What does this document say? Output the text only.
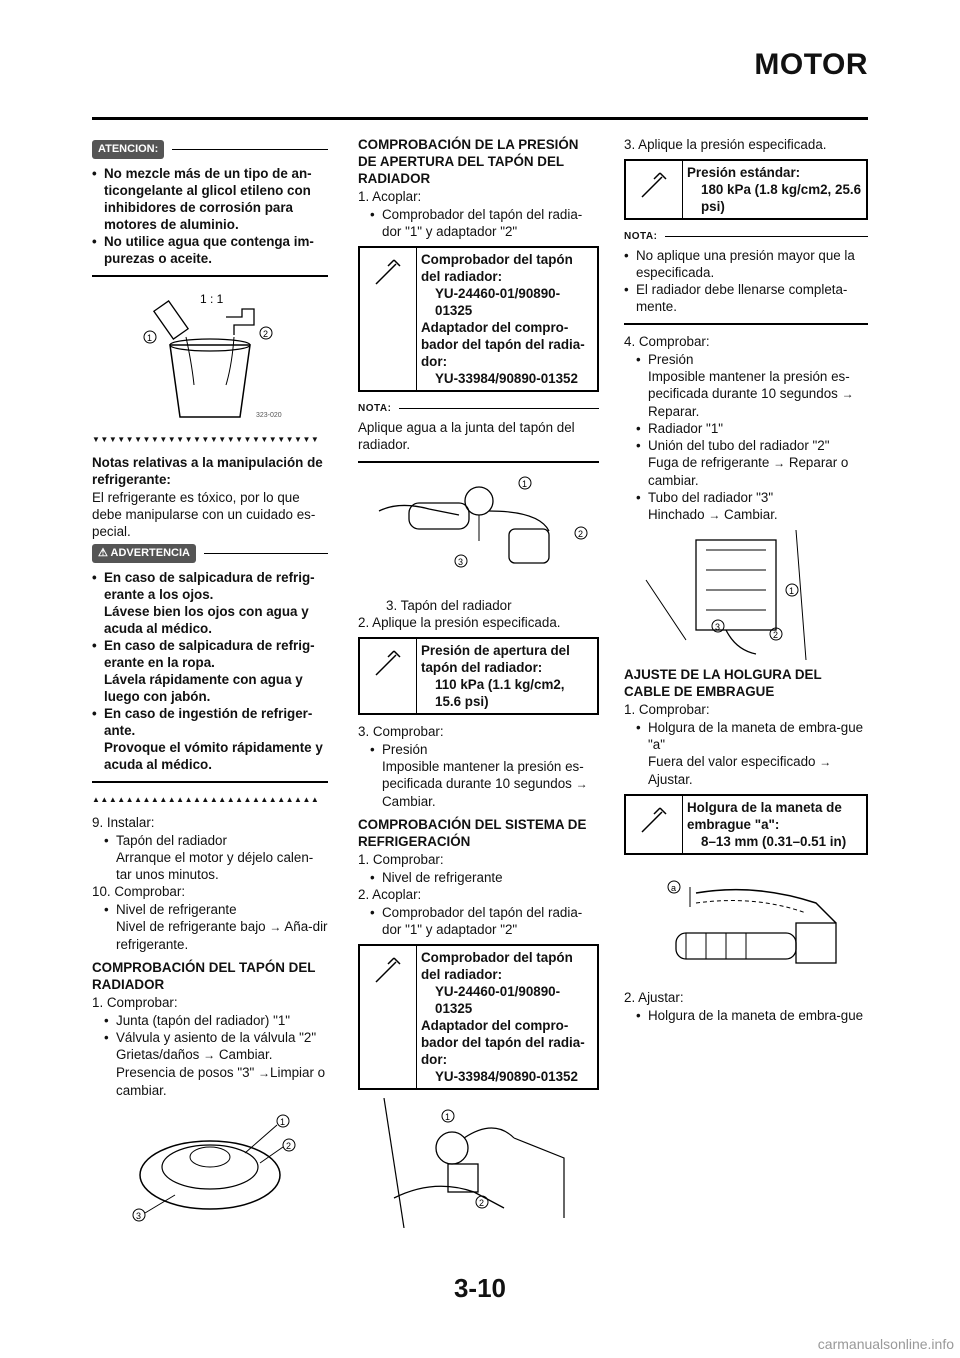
MOTOR
ATENCION:
• No mezcle más de un tipo de an-ticongelante al glicol etileno con inhibidores de corrosión para motores de aluminio.
• No utilice agua que contenga im-purezas o aceite.
1 : 1
1	2
323-020
▼▼▼▼▼▼▼▼▼▼▼▼▼▼▼▼▼▼▼▼▼▼▼▼▼▼▼
Notas relativas a la manipulación de refrigerante:
El refrigerante es tóxico, por lo que debe manipularse con un cuidado es-pecial.
⚠ ADVERTENCIA
• En caso de salpicadura de refrig-erante a los ojos.
Lávese bien los ojos con agua y acuda al médico.
• En caso de salpicadura de refrig-erante en la ropa.
Lávela rápidamente con agua y luego con jabón.
• En caso de ingestión de refriger-ante.
Provoque el vómito rápidamente y acuda al médico.
▲▲▲▲▲▲▲▲▲▲▲▲▲▲▲▲▲▲▲▲▲▲▲▲▲▲▲
9. Instalar:
• Tapón del radiador
Arranque el motor y déjelo calen-tar unos minutos.
10. Comprobar:
• Nivel de refrigerante
Nivel de refrigerante bajo → Aña-dir refrigerante.
COMPROBACIÓN DEL TAPÓN DEL RADIADOR
1. Comprobar:
• Junta (tapón del radiador) "1"
• Válvula y asiento de la válvula "2"
Grietas/daños → Cambiar.
Presencia de posos "3" →Limpiar o cambiar.
1
2
3
COMPROBACIÓN DE LA PRESIÓN DE APERTURA DEL TAPÓN DEL RADIADOR
1. Acoplar:
• Comprobador del tapón del radia-dor "1" y adaptador "2"
Comprobador del tapón del radiador:
YU-24460-01/90890-01325
Adaptador del compro-bador del tapón del radia-dor:
YU-33984/90890-01352
NOTA:
Aplique agua a la junta del tapón del radiador.
1
2
3
3. Tapón del radiador
2. Aplique la presión especificada.
Presión de apertura del tapón del radiador:
110 kPa (1.1 kg/cm2, 15.6 psi)
3. Comprobar:
• Presión
Imposible mantener la presión es-pecificada durante 10 segundos → Cambiar.
COMPROBACIÓN DEL SISTEMA DE REFRIGERACIÓN
1. Comprobar:
• Nivel de refrigerante
2. Acoplar:
• Comprobador del tapón del radia-dor "1" y adaptador "2"
Comprobador del tapón del radiador:
YU-24460-01/90890-01325
Adaptador del compro-bador del tapón del radia-dor:
YU-33984/90890-01352
1
2
3. Aplique la presión especificada.
Presión estándar:
180 kPa (1.8 kg/cm2, 25.6 psi)
NOTA:
• No aplique una presión mayor que la especificada.
• El radiador debe llenarse completa-mente.
4. Comprobar:
• Presión
Imposible mantener la presión es-pecificada durante 10 segundos → Reparar.
• Radiador "1"
• Unión del tubo del radiador "2"
Fuga de refrigerante → Reparar o cambiar.
• Tubo del radiador "3"
Hinchado → Cambiar.
1
2
3
AJUSTE DE LA HOLGURA DEL CABLE DE EMBRAGUE
1. Comprobar:
• Holgura de la maneta de embra-gue "a"
Fuera del valor especificado → Ajustar.
Holgura de la maneta de embrague "a":
8–13 mm (0.31–0.51 in)
a
2. Ajustar:
• Holgura de la maneta de embra-gue
3-10
carmanualsonline.info
